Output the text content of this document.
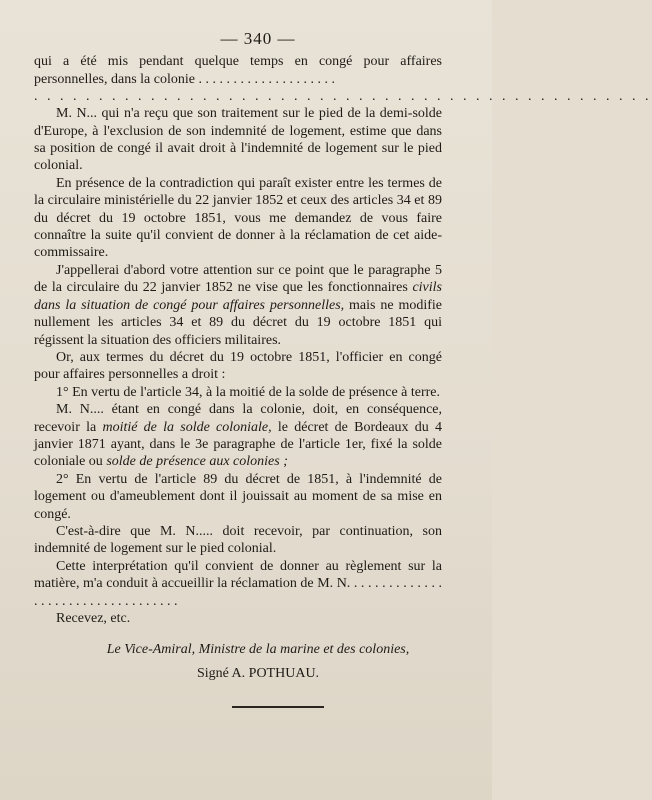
— 340 —

qui a été mis pendant quelque temps en congé pour affaires personnelles, dans la colonie . . . . . . . . . . . . . . . . . . . .

. . . . . . . . . . . . . . . . . . . . . . . . . . . . . . . . . . . . . . . . . . . . . . . .

M. N... qui n'a reçu que son traitement sur le pied de la demi-solde d'Europe, à l'exclusion de son indemnité de logement, estime que dans sa position de congé il avait droit à l'indemnité de logement sur le pied colonial.

En présence de la contradiction qui paraît exister entre les termes de la circulaire ministérielle du 22 janvier 1852 et ceux des articles 34 et 89 du décret du 19 octobre 1851, vous me demandez de vous faire connaître la suite qu'il convient de donner à la réclamation de cet aide-commissaire.

J'appellerai d'abord votre attention sur ce point que le paragraphe 5 de la circulaire du 22 janvier 1852 ne vise que les fonctionnaires civils dans la situation de congé pour affaires personnelles, mais ne modifie nullement les articles 34 et 89 du décret du 19 octobre 1851 qui régissent la situation des officiers militaires.

Or, aux termes du décret du 19 octobre 1851, l'officier en congé pour affaires personnelles a droit :

1° En vertu de l'article 34, à la moitié de la solde de présence à terre.

M. N.... étant en congé dans la colonie, doit, en conséquence, recevoir la moitié de la solde coloniale, le décret de Bordeaux du 4 janvier 1871 ayant, dans le 3e paragraphe de l'article 1er, fixé la solde coloniale ou solde de présence aux colonies ;

2° En vertu de l'article 89 du décret de 1851, à l'indemnité de logement ou d'ameublement dont il jouissait au moment de sa mise en congé.

C'est-à-dire que M. N..... doit recevoir, par continuation, son indemnité de logement sur le pied colonial.

Cette interprétation qu'il convient de donner au règlement sur la matière, m'a conduit à accueillir la réclamation de M. N. . . . . . . . . . . . . . . . . . . . . . . . . . . . . . . . . . .

Recevez, etc.

Le Vice-Amiral, Ministre de la marine et des colonies,

Signé A. POTHUAU.
